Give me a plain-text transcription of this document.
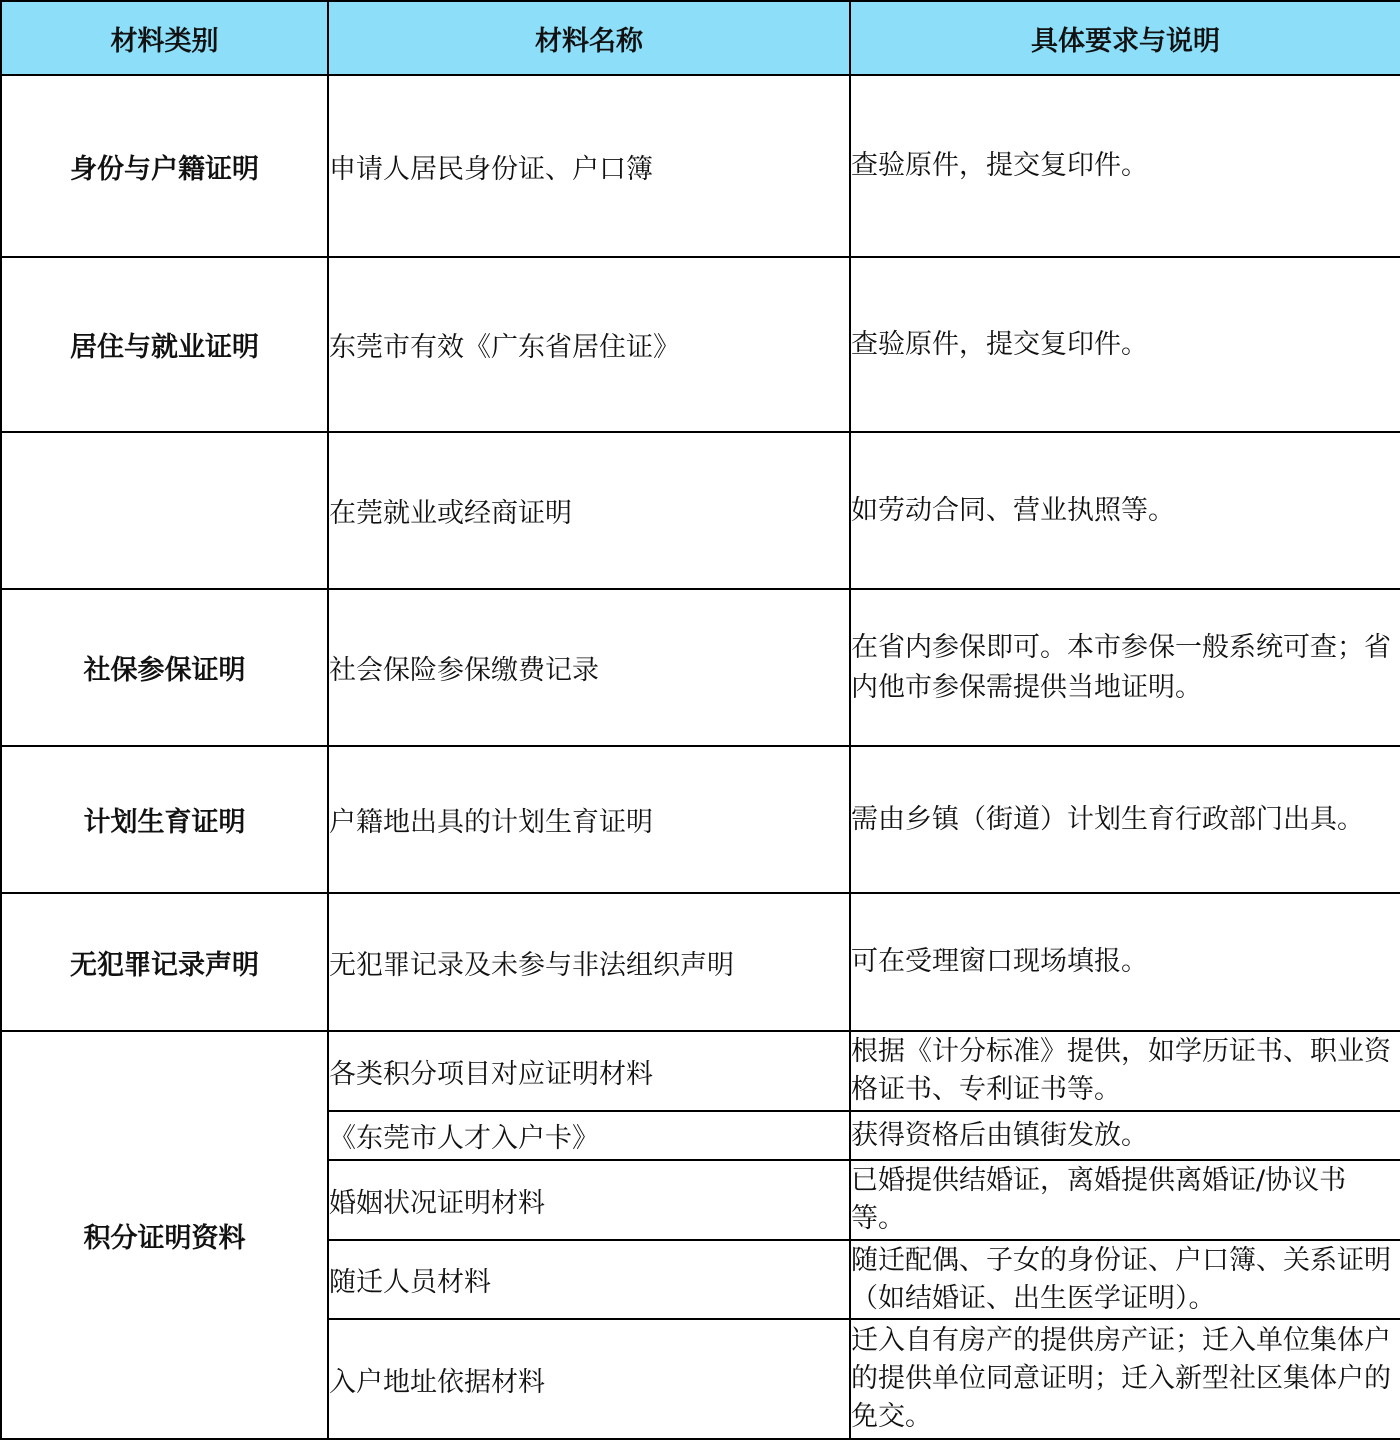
材料类别	材料名称	具体要求与说明
身份与户籍证明	申请人居民身份证、户口簿	查验原件，提交复印件。
居住与就业证明	东莞市有效《广东省居住证》	查验原件，提交复印件。
	在莞就业或经商证明	如劳动合同、营业执照等。
社保参保证明	社会保险参保缴费记录	在省内参保即可。本市参保一般系统可查；省内他市参保需提供当地证明。
计划生育证明	户籍地出具的计划生育证明	需由乡镇（街道）计划生育行政部门出具。
无犯罪记录声明	无犯罪记录及未参与非法组织声明	可在受理窗口现场填报。
积分证明资料	各类积分项目对应证明材料	根据《计分标准》提供，如学历证书、职业资格证书、专利证书等。
	《东莞市人才入户卡》	获得资格后由镇街发放。
	婚姻状况证明材料	已婚提供结婚证，离婚提供离婚证/协议书等。
	随迁人员材料	随迁配偶、子女的身份证、户口簿、关系证明（如结婚证、出生医学证明）。
	入户地址依据材料	迁入自有房产的提供房产证；迁入单位集体户的提供单位同意证明；迁入新型社区集体户的免交。
